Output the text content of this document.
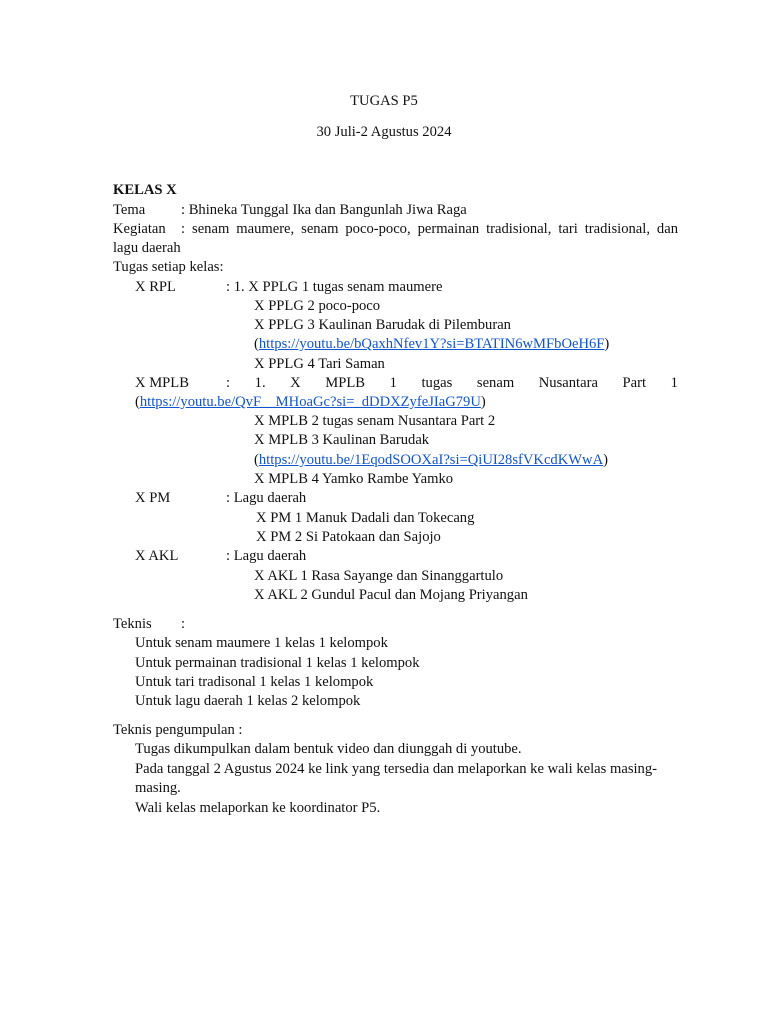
TUGAS P5
30 Juli-2 Agustus 2024
KELAS X
Tema : Bhineka Tunggal Ika dan Bangunlah Jiwa Raga
Kegiatan : senam maumere, senam poco-poco, permainan tradisional, tari tradisional, dan
lagu daerah
Tugas setiap kelas:
X RPL	: 1. X PPLG 1 tugas senam maumere
X PPLG 2 poco-poco
X PPLG 3 Kaulinan Barudak di Pilemburan
(https://youtu.be/bQaxhNfev1Y?si=BTATIN6wMFbOeH6F)
X PPLG 4 Tari Saman
X MPLB	: 1. X MPLB 1 tugas senam Nusantara Part 1
(https://youtu.be/QvF__MHoaGc?si=_dDDXZyfeJIaG79U)
X MPLB 2 tugas senam Nusantara Part 2
X MPLB 3 Kaulinan Barudak
(https://youtu.be/1EqodSOOXaI?si=QiUI28sfVKcdKWwA)
X MPLB 4 Yamko Rambe Yamko
X PM	: Lagu daerah
X PM 1 Manuk Dadali dan Tokecang
X PM 2 Si Patokaan dan Sajojo
X AKL	: Lagu daerah
X AKL 1 Rasa Sayange dan Sinanggartulo
X AKL 2 Gundul Pacul dan Mojang Priyangan
Teknis :
Untuk senam maumere 1 kelas 1 kelompok
Untuk permainan tradisional 1 kelas 1 kelompok
Untuk tari tradisonal 1 kelas 1 kelompok
Untuk lagu daerah 1 kelas 2 kelompok
Teknis pengumpulan :
Tugas dikumpulkan dalam bentuk video dan diunggah di youtube.
Pada tanggal 2 Agustus 2024 ke link yang tersedia dan melaporkan ke wali kelas masing-
masing.
Wali kelas melaporkan ke koordinator P5.
